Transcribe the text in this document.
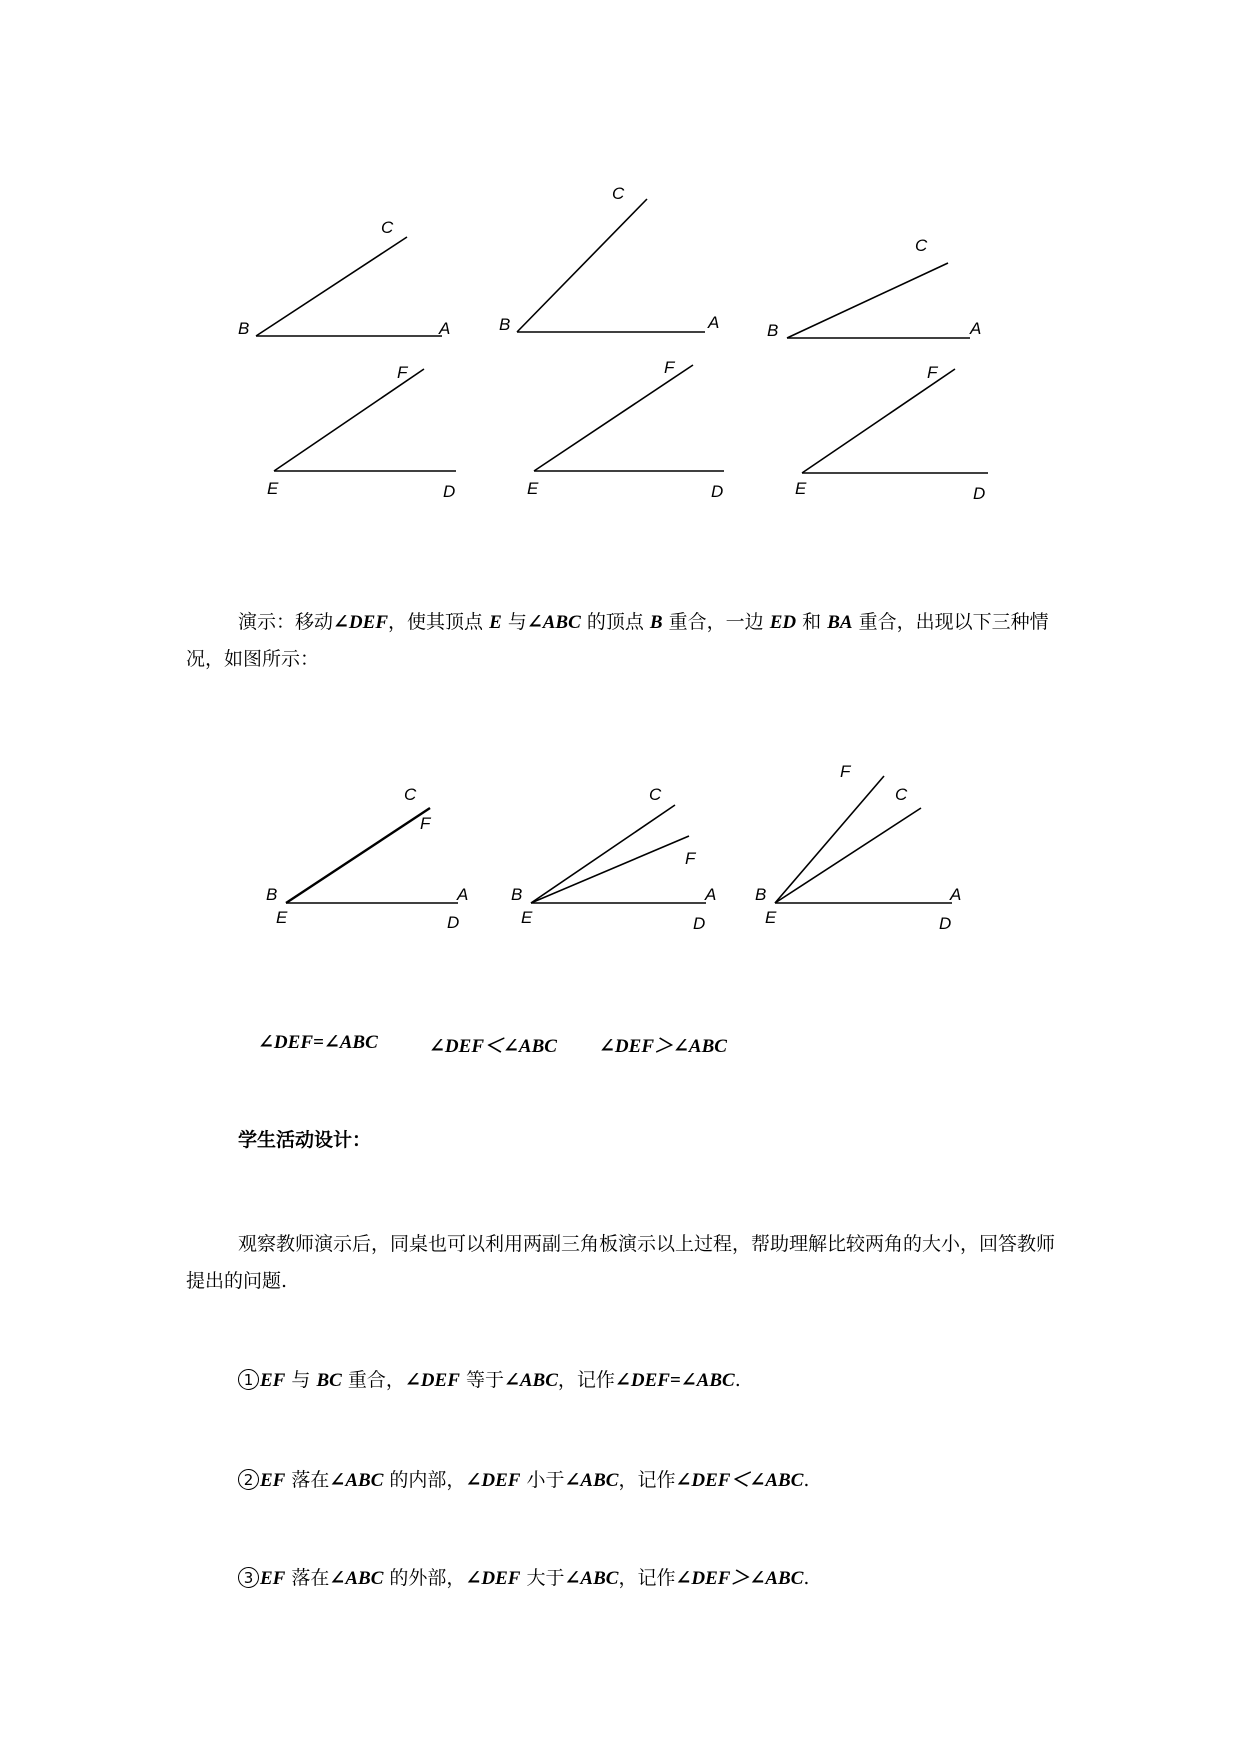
B	A
C
B	A
C
B	A
C
E	D
F
E	D
F
E	D
F

演示：移动∠DEF，使其顶点 E 与∠ABC 的顶点 B 重合，一边 ED 和 BA 重合，出现以下三种情况，如图所示：

B
E
A
D
C
F
B
E
A
D
C
F
B
E
A
D
C
F
∠DEF=∠ABC	∠DEF＜∠ABC ∠DEF＞∠ABC
学生活动设计：

观察教师演示后，同桌也可以利用两副三角板演示以上过程，帮助理解比较两角的大小，回答教师提出的问题.

1 EF 与 BC 重合，∠DEF 等于∠ABC，记作∠DEF=∠ABC.
2 EF 落在∠ABC 的内部，∠DEF 小于∠ABC，记作∠DEF＜∠ABC.
3 EF 落在∠ABC 的外部，∠DEF 大于∠ABC，记作∠DEF＞∠ABC.
